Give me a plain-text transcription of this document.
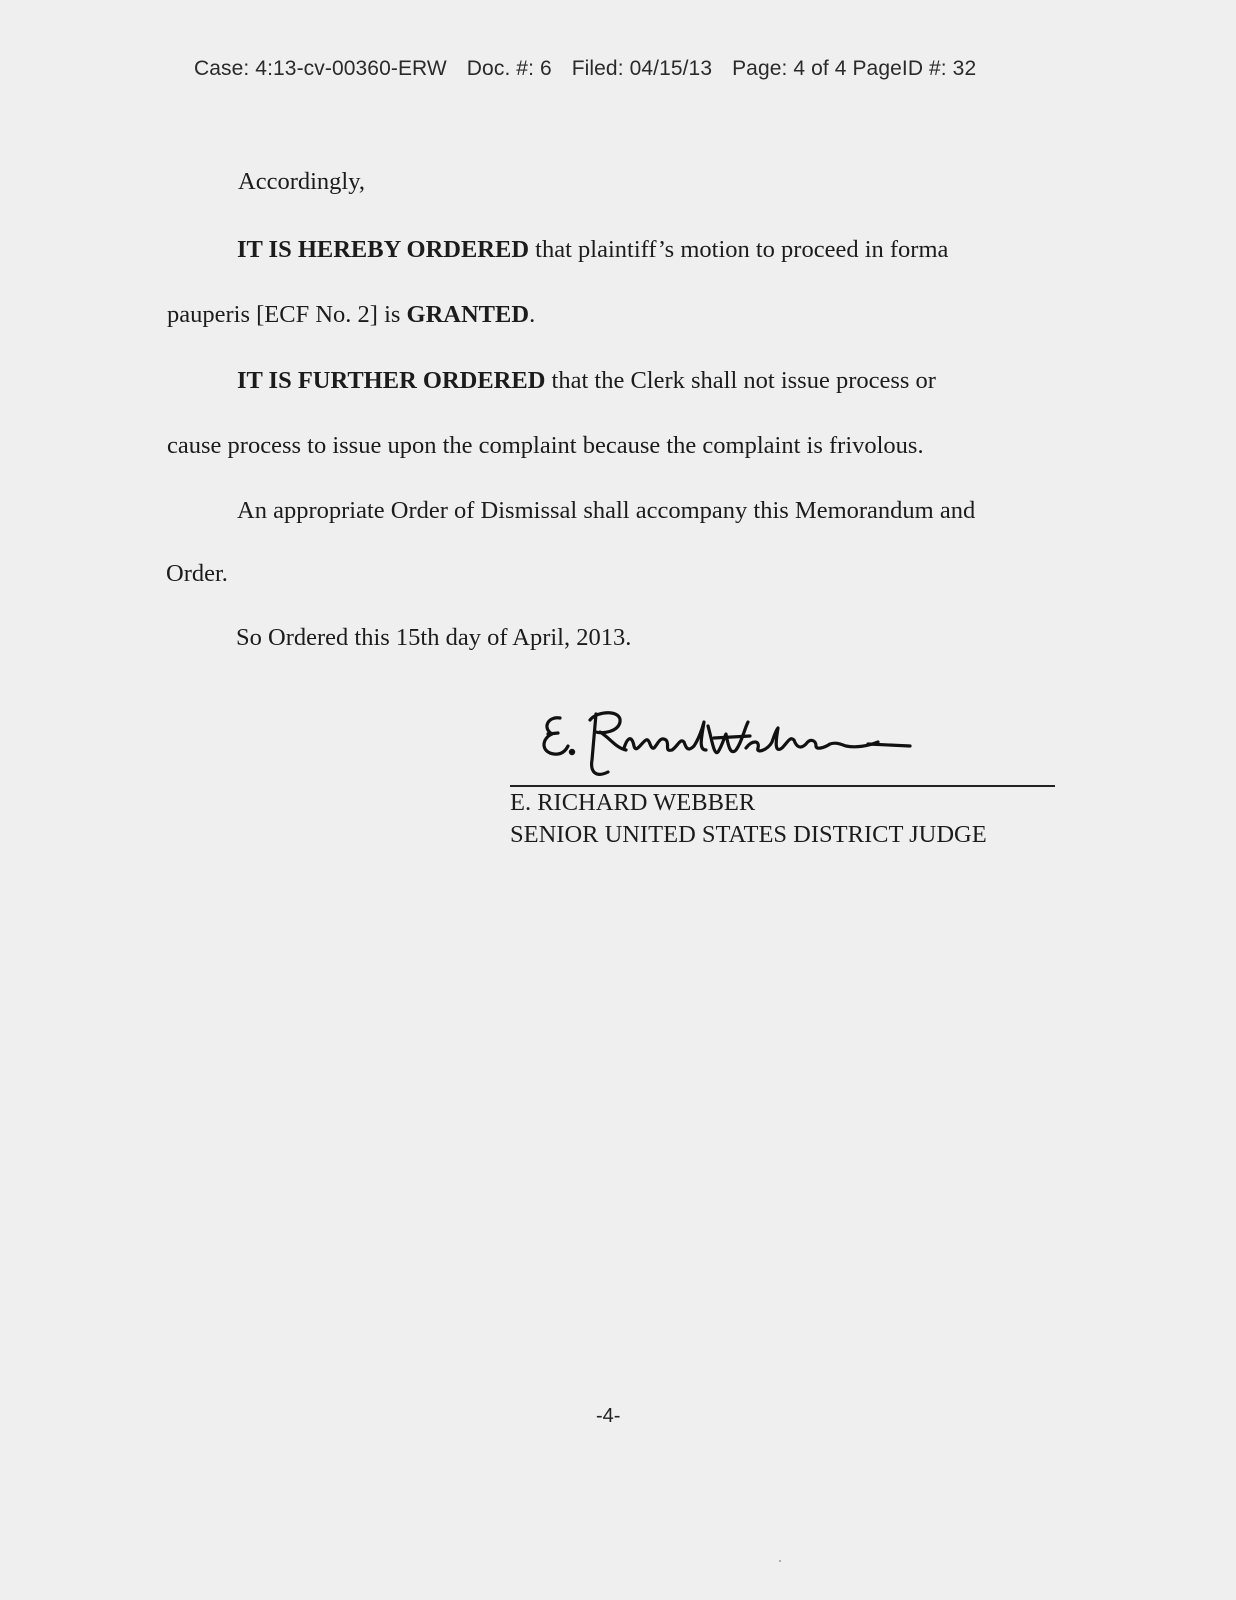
Case: 4:13-cv-00360-ERW Doc. #: 6 Filed: 04/15/13 Page: 4 of 4 PageID #: 32
Accordingly,
IT IS HEREBY ORDERED that plaintiff’s motion to proceed in forma
pauperis [ECF No. 2] is GRANTED.
IT IS FURTHER ORDERED that the Clerk shall not issue process or
cause process to issue upon the complaint because the complaint is frivolous.
An appropriate Order of Dismissal shall accompany this Memorandum and
Order.
So Ordered this 15th day of April, 2013.
E. RICHARD WEBBER
SENIOR UNITED STATES DISTRICT JUDGE
-4-
